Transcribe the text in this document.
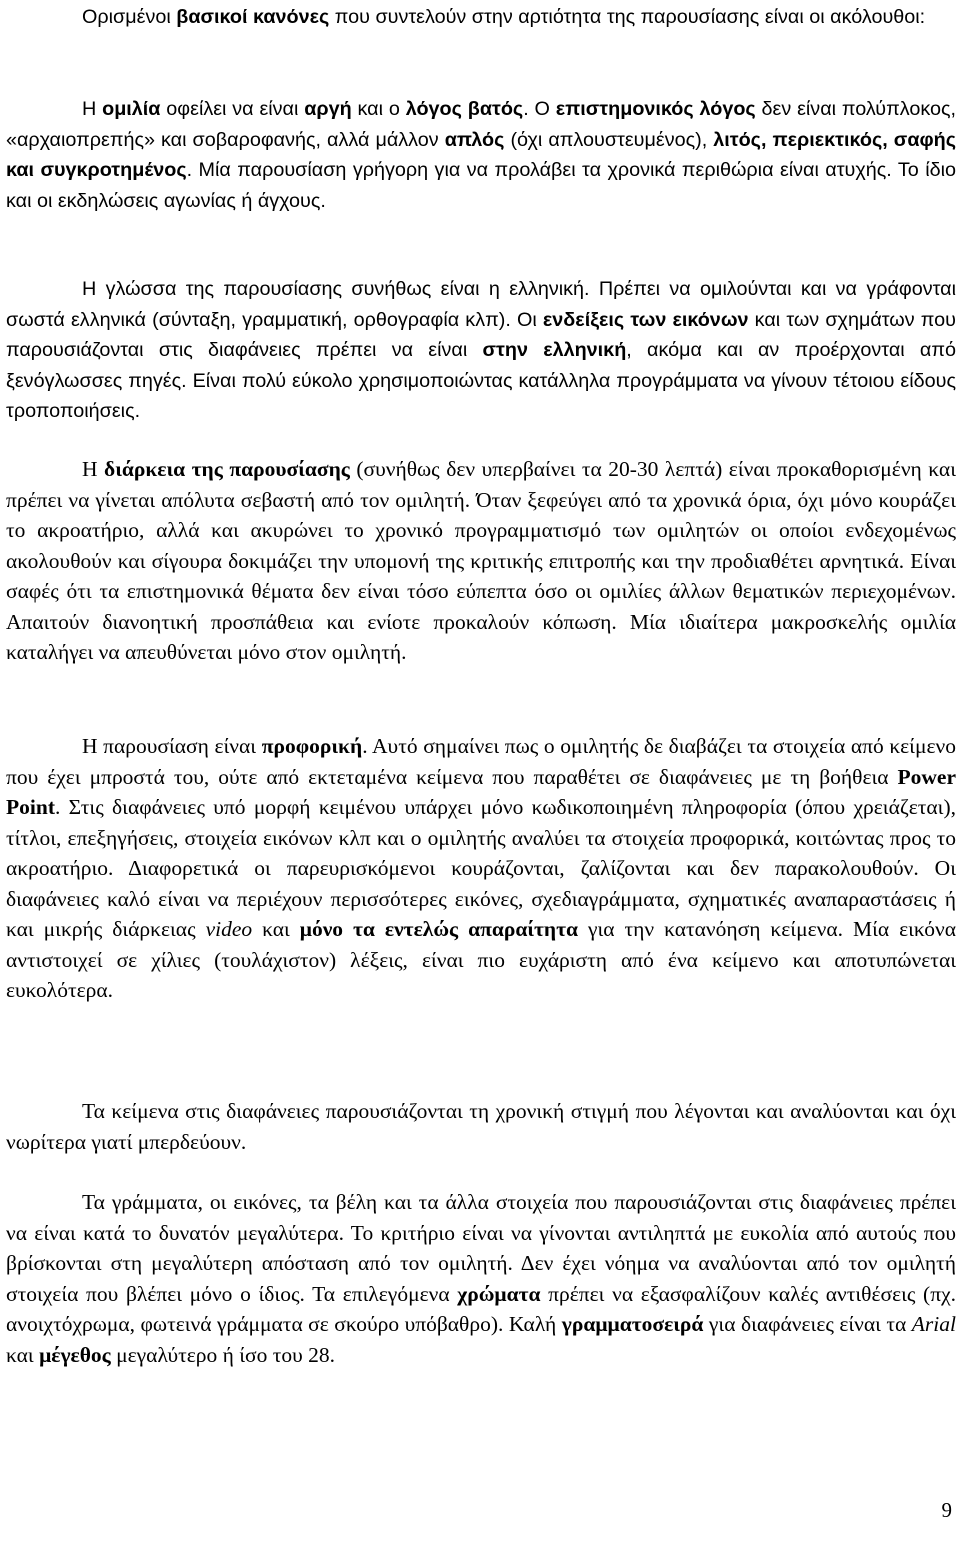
Ορισμένοι βασικοί κανόνες που συντελούν στην αρτιότητα της παρουσίασης είναι οι ακόλουθοι:

Η ομιλία οφείλει να είναι αργή και ο λόγος βατός. Ο επιστημονικός λόγος δεν είναι πολύπλοκος, «αρχαιοπρεπής» και σοβαροφανής, αλλά μάλλον απλός (όχι απλουστευμένος), λιτός, περιεκτικός, σαφής και συγκροτημένος. Μία παρουσίαση γρήγορη για να προλάβει τα χρονικά περιθώρια είναι ατυχής. Το ίδιο και οι εκδηλώσεις αγωνίας ή άγχους.

Η γλώσσα της παρουσίασης συνήθως είναι η ελληνική. Πρέπει να ομιλούνται και να γράφονται σωστά ελληνικά (σύνταξη, γραμματική, ορθογραφία κλπ). Οι ενδείξεις των εικόνων και των σχημάτων που παρουσιάζονται στις διαφάνειες πρέπει να είναι στην ελληνική, ακόμα και αν προέρχονται από ξενόγλωσσες πηγές. Είναι πολύ εύκολο χρησιμοποιώντας κατάλληλα προγράμματα να γίνουν τέτοιου είδους τροποποιήσεις.

Η διάρκεια της παρουσίασης (συνήθως δεν υπερβαίνει τα 20-30 λεπτά) είναι προκαθορισμένη και πρέπει να γίνεται απόλυτα σεβαστή από τον ομιλητή. Όταν ξεφεύγει από τα χρονικά όρια, όχι μόνο κουράζει το ακροατήριο, αλλά και ακυρώνει το χρονικό προγραμματισμό των ομιλητών οι οποίοι ενδεχομένως ακολουθούν και σίγουρα δοκιμάζει την υπομονή της κριτικής επιτροπής και την προδιαθέτει αρνητικά. Είναι σαφές ότι τα επιστημονικά θέματα δεν είναι τόσο εύπεπτα όσο οι ομιλίες άλλων θεματικών περιεχομένων. Απαιτούν διανοητική προσπάθεια και ενίοτε προκαλούν κόπωση. Μία ιδιαίτερα μακροσκελής ομιλία καταλήγει να απευθύνεται μόνο στον ομιλητή.

Η παρουσίαση είναι προφορική. Αυτό σημαίνει πως ο ομιλητής δε διαβάζει τα στοιχεία από κείμενο που έχει μπροστά του, ούτε από εκτεταμένα κείμενα που παραθέτει σε διαφάνειες με τη βοήθεια Power Point. Στις διαφάνειες υπό μορφή κειμένου υπάρχει μόνο κωδικοποιημένη πληροφορία (όπου χρειάζεται), τίτλοι, επεξηγήσεις, στοιχεία εικόνων κλπ και ο ομιλητής αναλύει τα στοιχεία προφορικά, κοιτώντας προς το ακροατήριο. Διαφορετικά οι παρευρισκόμενοι κουράζονται, ζαλίζονται και δεν παρακολουθούν. Οι διαφάνειες καλό είναι να περιέχουν περισσότερες εικόνες, σχεδιαγράμματα, σχηματικές αναπαραστάσεις ή και μικρής διάρκειας video και μόνο τα εντελώς απαραίτητα για την κατανόηση κείμενα. Μία εικόνα αντιστοιχεί σε χίλιες (τουλάχιστον) λέξεις, είναι πιο ευχάριστη από ένα κείμενο και αποτυπώνεται ευκολότερα.

Τα κείμενα στις διαφάνειες παρουσιάζονται τη χρονική στιγμή που λέγονται και αναλύονται και όχι νωρίτερα γιατί μπερδεύουν.

Τα γράμματα, οι εικόνες, τα βέλη και τα άλλα στοιχεία που παρουσιάζονται στις διαφάνειες πρέπει να είναι κατά το δυνατόν μεγαλύτερα. Το κριτήριο είναι να γίνονται αντιληπτά με ευκολία από αυτούς που βρίσκονται στη μεγαλύτερη απόσταση από τον ομιλητή. Δεν έχει νόημα να αναλύονται από τον ομιλητή στοιχεία που βλέπει μόνο ο ίδιος. Τα επιλεγόμενα χρώματα πρέπει να εξασφαλίζουν καλές αντιθέσεις (πχ. ανοιχτόχρωμα, φωτεινά γράμματα σε σκούρο υπόβαθρο). Καλή γραμματοσειρά για διαφάνειες είναι τα Arial και μέγεθος μεγαλύτερο ή ίσο του 28.

9
